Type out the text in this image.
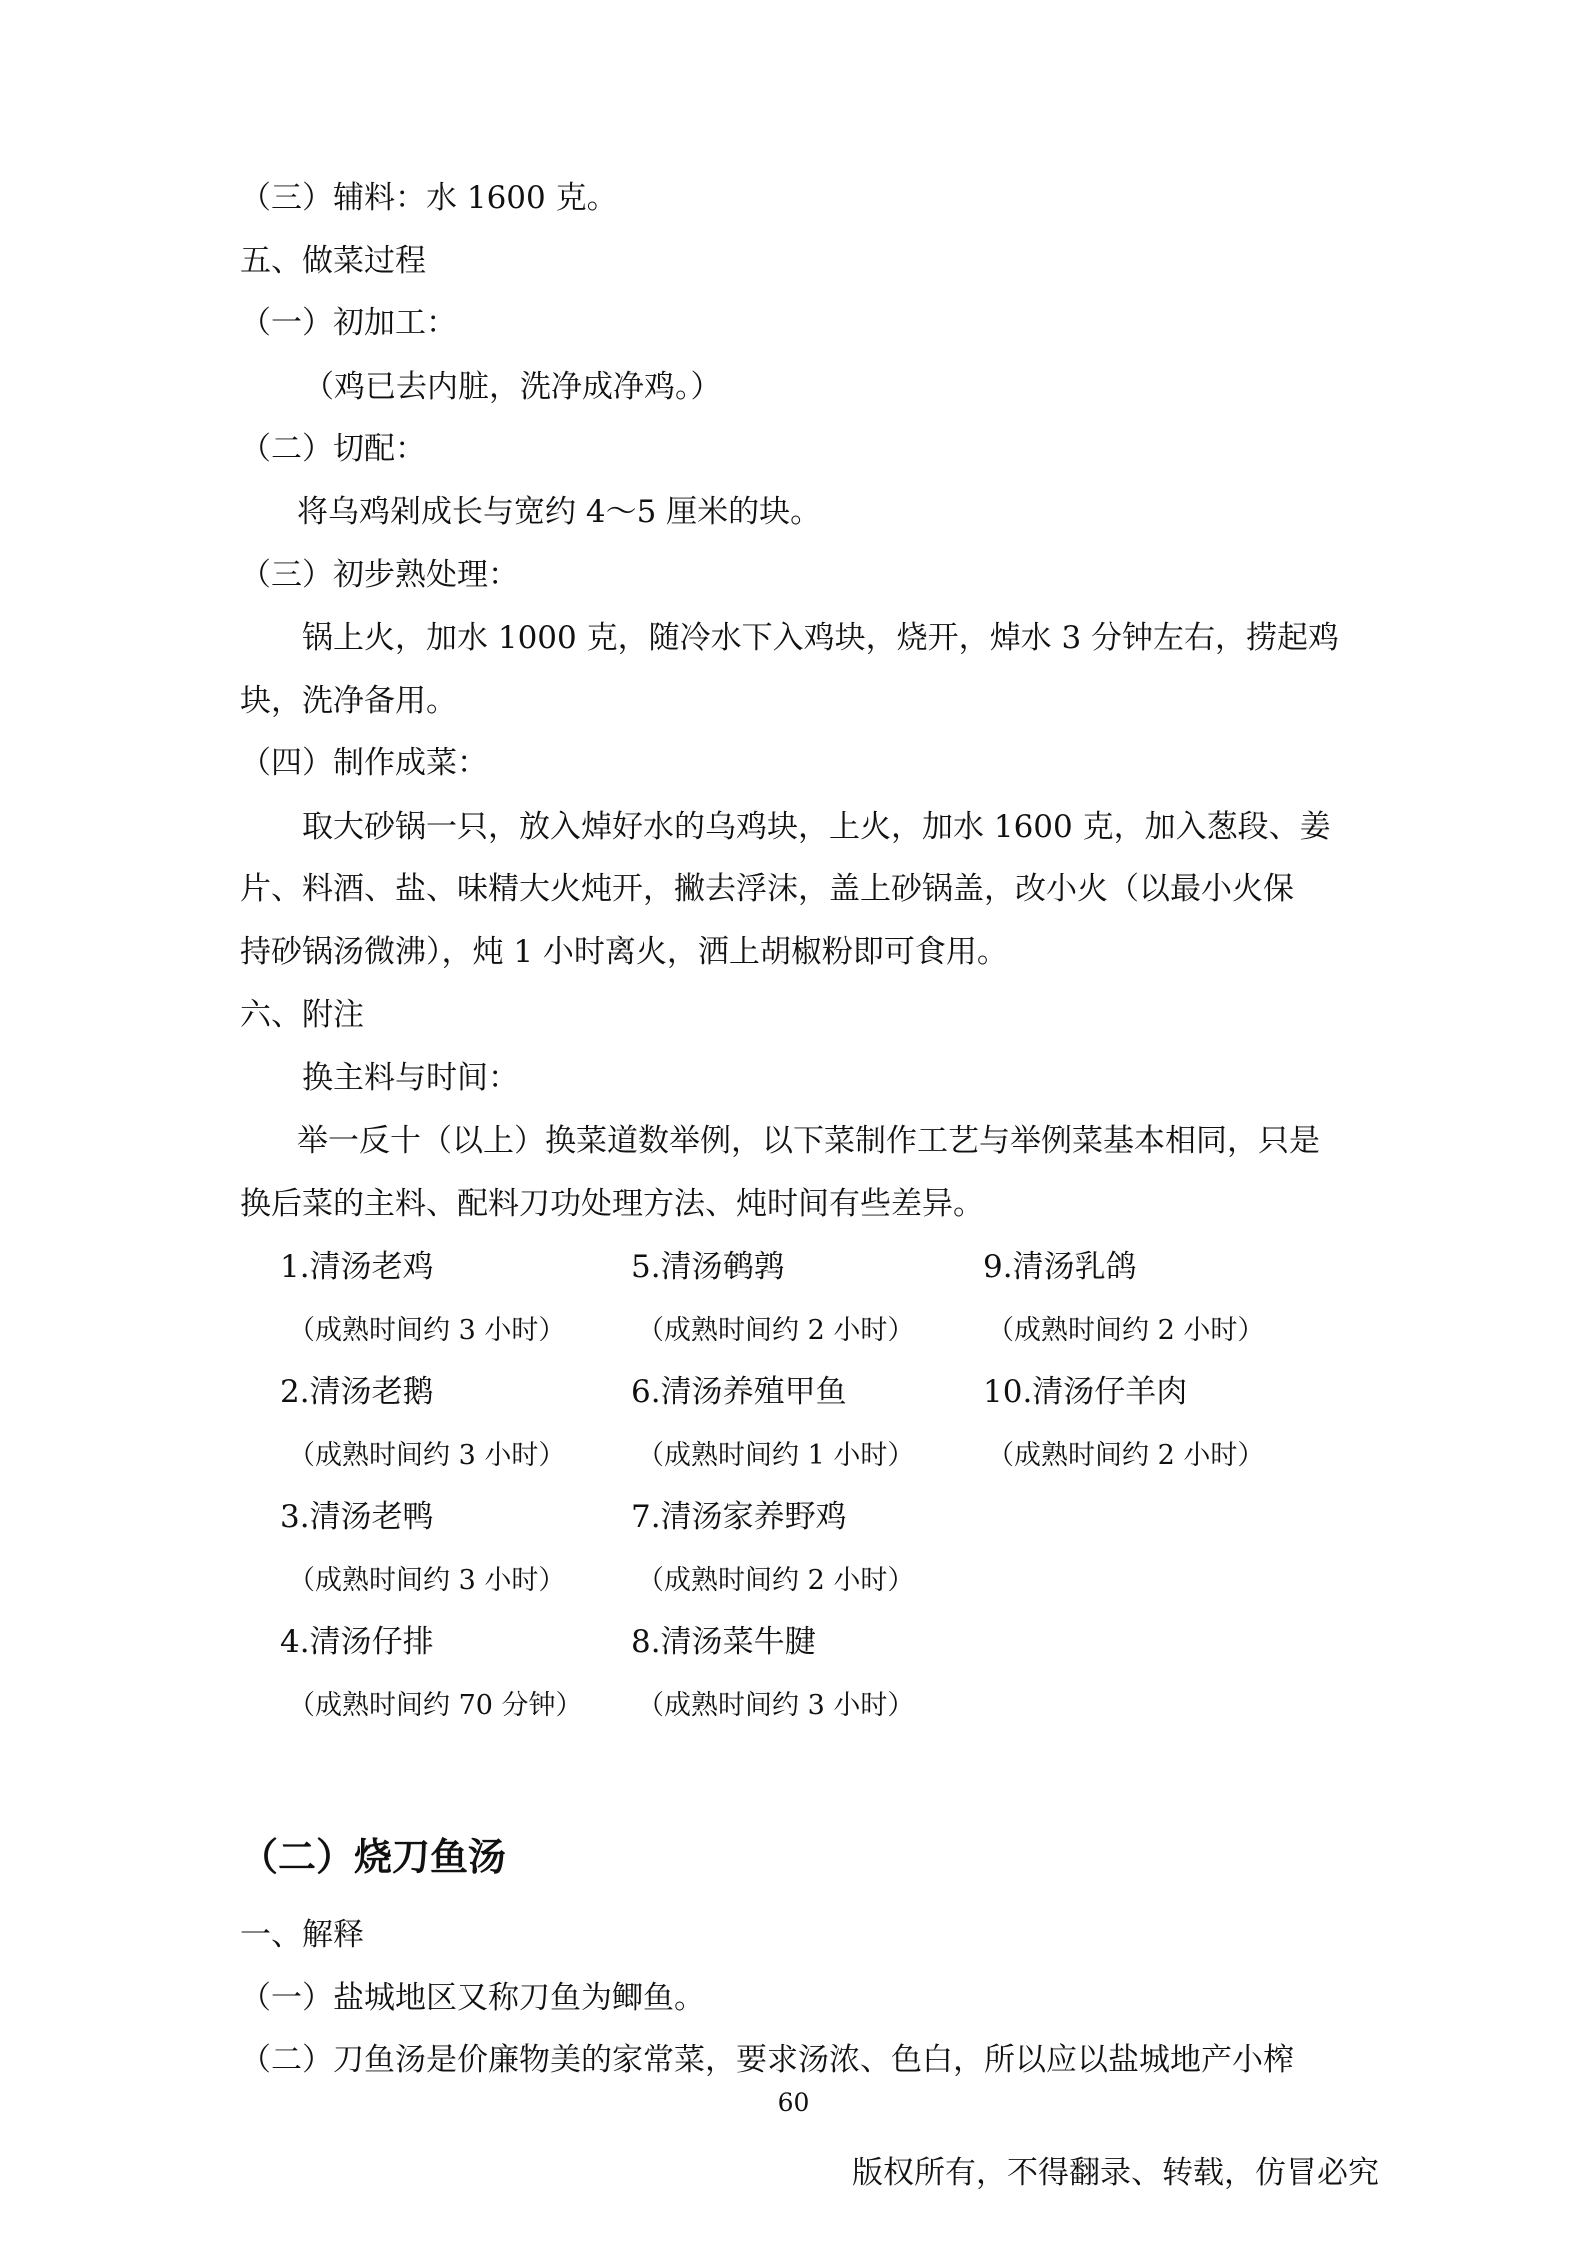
（三）辅料：水 1600 克。

五、做菜过程

（一）初加工：

（鸡已去内脏，洗净成净鸡。）

（二）切配：

将乌鸡剁成长与宽约 4～5 厘米的块。

（三）初步熟处理：

锅上火，加水 1000 克，随冷水下入鸡块，烧开，焯水 3 分钟左右，捞起鸡

块，洗净备用。

（四）制作成菜：

取大砂锅一只，放入焯好水的乌鸡块，上火，加水 1600 克，加入葱段、姜

片、料酒、盐、味精大火炖开，撇去浮沫，盖上砂锅盖，改小火（以最小火保

持砂锅汤微沸），炖 1 小时离火，洒上胡椒粉即可食用。

六、附注

换主料与时间：

举一反十（以上）换菜道数举例，以下菜制作工艺与举例菜基本相同，只是

换后菜的主料、配料刀功处理方法、炖时间有些差异。

1.清汤老鸡
（成熟时间约 3 小时）
2.清汤老鹅
（成熟时间约 3 小时）
3.清汤老鸭
（成熟时间约 3 小时）
4.清汤仔排
（成熟时间约 70 分钟）
5.清汤鹌鹑
（成熟时间约 2 小时）
6.清汤养殖甲鱼
（成熟时间约 1 小时）
7.清汤家养野鸡
（成熟时间约 2 小时）
8.清汤菜牛腱
（成熟时间约 3 小时）
9.清汤乳鸽
（成熟时间约 2 小时）
10.清汤仔羊肉
（成熟时间约 2 小时）
（二）烧刀鱼汤

一、解释

（一）盐城地区又称刀鱼为鲫鱼。

（二）刀鱼汤是价廉物美的家常菜，要求汤浓、色白，所以应以盐城地产小榨

60
版权所有，不得翻录、转载，仿冒必究
